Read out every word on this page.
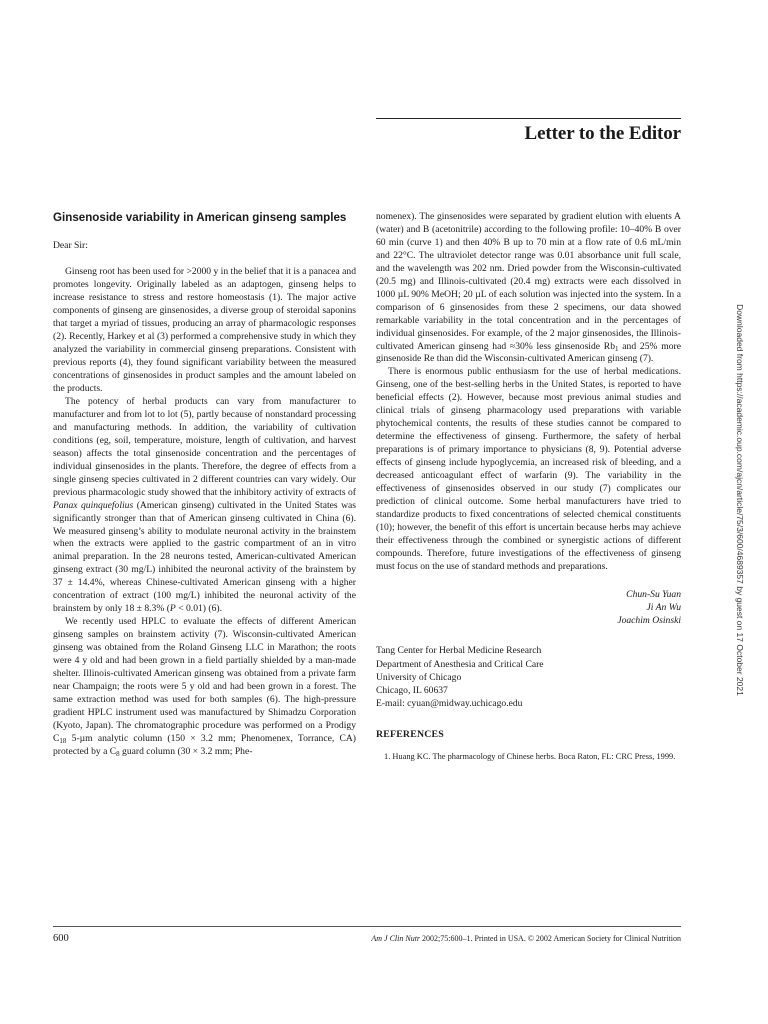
Letter to the Editor
Ginsenoside variability in American ginseng samples
Dear Sir:

Ginseng root has been used for >2000 y in the belief that it is a panacea and promotes longevity. Originally labeled as an adaptogen, ginseng helps to increase resistance to stress and restore homeostasis (1). The major active components of ginseng are ginsenosides, a diverse group of steroidal saponins that target a myriad of tissues, producing an array of pharmacologic responses (2). Recently, Harkey et al (3) performed a comprehensive study in which they analyzed the variability in commercial ginseng preparations. Consistent with previous reports (4), they found significant variability between the measured concentrations of ginsenosides in product samples and the amount labeled on the products.

The potency of herbal products can vary from manufacturer to manufacturer and from lot to lot (5), partly because of nonstandard processing and manufacturing methods. In addition, the variability of cultivation conditions (eg, soil, temperature, moisture, length of cultivation, and harvest season) affects the total ginsenoside concentration and the percentages of individual ginsenosides in the plants. Therefore, the degree of effects from a single ginseng species cultivated in 2 different countries can vary widely. Our previous pharmacologic study showed that the inhibitory activity of extracts of Panax quinquefolius (American ginseng) cultivated in the United States was significantly stronger than that of American ginseng cultivated in China (6). We measured ginseng’s ability to modulate neuronal activity in the brainstem when the extracts were applied to the gastric compartment of an in vitro animal preparation. In the 28 neurons tested, American-cultivated American ginseng extract (30 mg/L) inhibited the neuronal activity of the brainstem by 37 ± 14.4%, whereas Chinese-cultivated American ginseng with a higher concentration of extract (100 mg/L) inhibited the neuronal activity of the brainstem by only 18 ± 8.3% (P < 0.01) (6).

We recently used HPLC to evaluate the effects of different American ginseng samples on brainstem activity (7). Wisconsin-cultivated American ginseng was obtained from the Roland Ginseng LLC in Marathon; the roots were 4 y old and had been grown in a field partially shielded by a man-made shelter. Illinois-cultivated American ginseng was obtained from a private farm near Champaign; the roots were 5 y old and had been grown in a forest. The same extraction method was used for both samples (6). The high-pressure gradient HPLC instrument used was manufactured by Shimadzu Corporation (Kyoto, Japan). The chromatographic procedure was performed on a Prodigy $C_{18}$ 5-µm analytic column (150 × 3.2 mm; Phenomenex, Torrance, CA) protected by a $C_8$ guard column (30 × 3.2 mm; Phe-

nomenex). The ginsenosides were separated by gradient elution with eluents A (water) and B (acetonitrile) according to the following profile: 10–40% B over 60 min (curve 1) and then 40% B up to 70 min at a flow rate of 0.6 mL/min and 22°C. The ultraviolet detector range was 0.01 absorbance unit full scale, and the wavelength was 202 nm. Dried powder from the Wisconsin-cultivated (20.5 mg) and Illinois-cultivated (20.4 mg) extracts were each dissolved in 1000 µL 90% MeOH; 20 µL of each solution was injected into the system. In a comparison of 6 ginsenosides from these 2 specimens, our data showed remarkable variability in the total concentration and in the percentages of individual ginsenosides. For example, of the 2 major ginsenosides, the Illinois-cultivated American ginseng had ≈30% less ginsenoside $Rb_1$ and 25% more ginsenoside Re than did the Wisconsin-cultivated American ginseng (7).

There is enormous public enthusiasm for the use of herbal medications. Ginseng, one of the best-selling herbs in the United States, is reported to have beneficial effects (2). However, because most previous animal studies and clinical trials of ginseng pharmacology used preparations with variable phytochemical contents, the results of these studies cannot be compared to determine the effectiveness of ginseng. Furthermore, the safety of herbal preparations is of primary importance to physicians (8, 9). Potential adverse effects of ginseng include hypoglycemia, an increased risk of bleeding, and a decreased anticoagulant effect of warfarin (9). The variability in the effectiveness of ginsenosides observed in our study (7) complicates our prediction of clinical outcome. Some herbal manufacturers have tried to standardize products to fixed concentrations of selected chemical constituents (10); however, the benefit of this effort is uncertain because herbs may achieve their effectiveness through the combined or synergistic actions of different compounds. Therefore, future investigations of the effectiveness of ginseng must focus on the use of standard methods and preparations.

Chun-Su Yuan
Ji An Wu
Joachim Osinski
Tang Center for Herbal Medicine Research
Department of Anesthesia and Critical Care
University of Chicago
Chicago, IL 60637
E-mail: cyuan@midway.uchicago.edu
REFERENCES
1. Huang KC. The pharmacology of Chinese herbs. Boca Raton, FL: CRC Press, 1999.
600	Am J Clin Nutr 2002;75:600–1. Printed in USA. © 2002 American Society for Clinical Nutrition
Downloaded from https://academic.oup.com/ajcn/article/75/3/600/4689357 by guest on 17 October 2021
